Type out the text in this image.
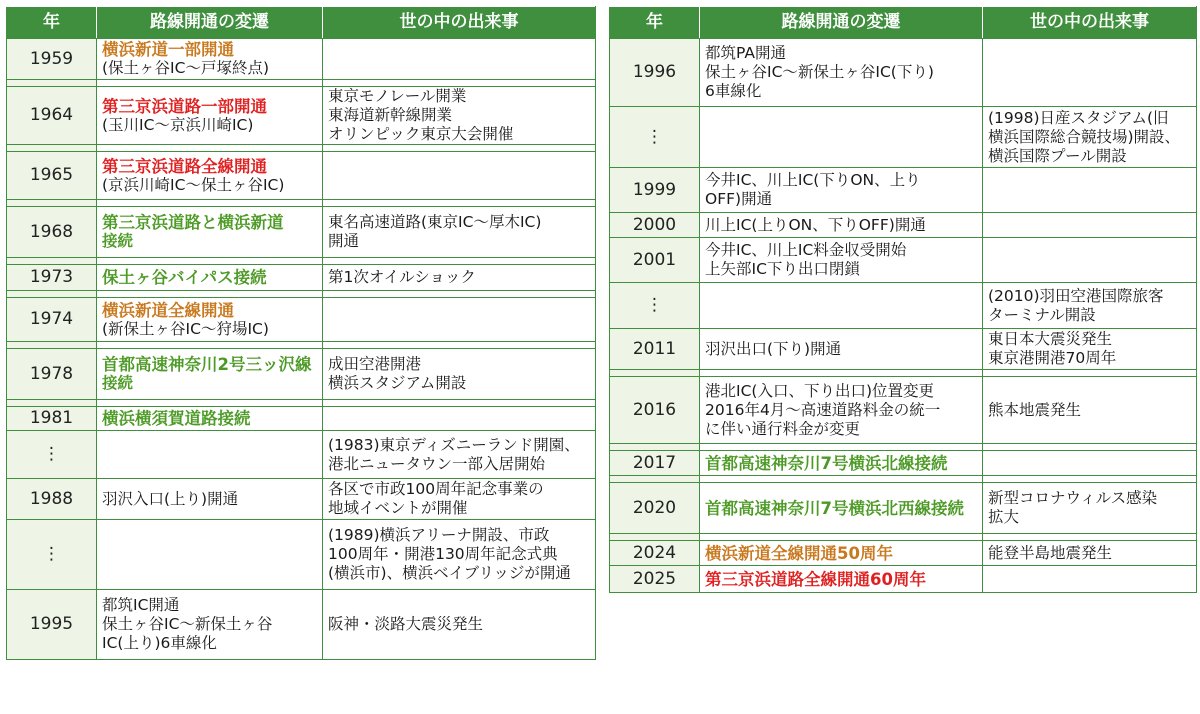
年	路線開通の変遷	世の中の出来事
1959	横浜新道一部開通
(保土ヶ谷IC～戸塚終点)	

1964	第三京浜道路一部開通
(玉川IC～京浜川崎IC)	東京モノレール開業
東海道新幹線開業
オリンピック東京大会開催

1965	第三京浜道路全線開通
(京浜川崎IC～保土ヶ谷IC)	

1968	第三京浜道路と横浜新道
接続	東名高速道路(東京IC～厚木IC)
開通

1973	保土ヶ谷バイパス接続	第1次オイルショック

1974	横浜新道全線開通
(新保土ヶ谷IC～狩場IC)	

1978	首都高速神奈川2号三ッ沢線
接続	成田空港開港
横浜スタジアム開設

1981	横浜横須賀道路接続	

⋮		(1983)東京ディズニーランド開園、
港北ニュータウン一部入居開始

1988	羽沢入口(上り)開通	各区で市政100周年記念事業の
地域イベントが開催

⋮		(1989)横浜アリーナ開設、市政
100周年・開港130周年記念式典
(横浜市)、横浜ベイブリッジが開通

1995	都筑IC開通
保土ヶ谷IC～新保土ヶ谷
IC(上り)6車線化	阪神・淡路大震災発生
年	路線開通の変遷	世の中の出来事
1996	都筑PA開通
保土ヶ谷IC～新保土ヶ谷IC(下り)
6車線化	

⋮		(1998)日産スタジアム(旧
横浜国際総合競技場)開設、
横浜国際プール開設

1999	今井IC、川上IC(下りON、上り
OFF)開通	

2000	川上IC(上りON、下りOFF)開通	

2001	今井IC、川上IC料金収受開始
上矢部IC下り出口閉鎖	

⋮		(2010)羽田空港国際旅客
ターミナル開設

2011	羽沢出口(下り)開通	東日本大震災発生
東京港開港70周年

2016	港北IC(入口、下り出口)位置変更
2016年4月～高速道路料金の統一
に伴い通行料金が変更	熊本地震発生

2017	首都高速神奈川7号横浜北線接続	

2020	首都高速神奈川7号横浜北西線接続	新型コロナウィルス感染
拡大

2024	横浜新道全線開通50周年	能登半島地震発生

2025	第三京浜道路全線開通60周年	
